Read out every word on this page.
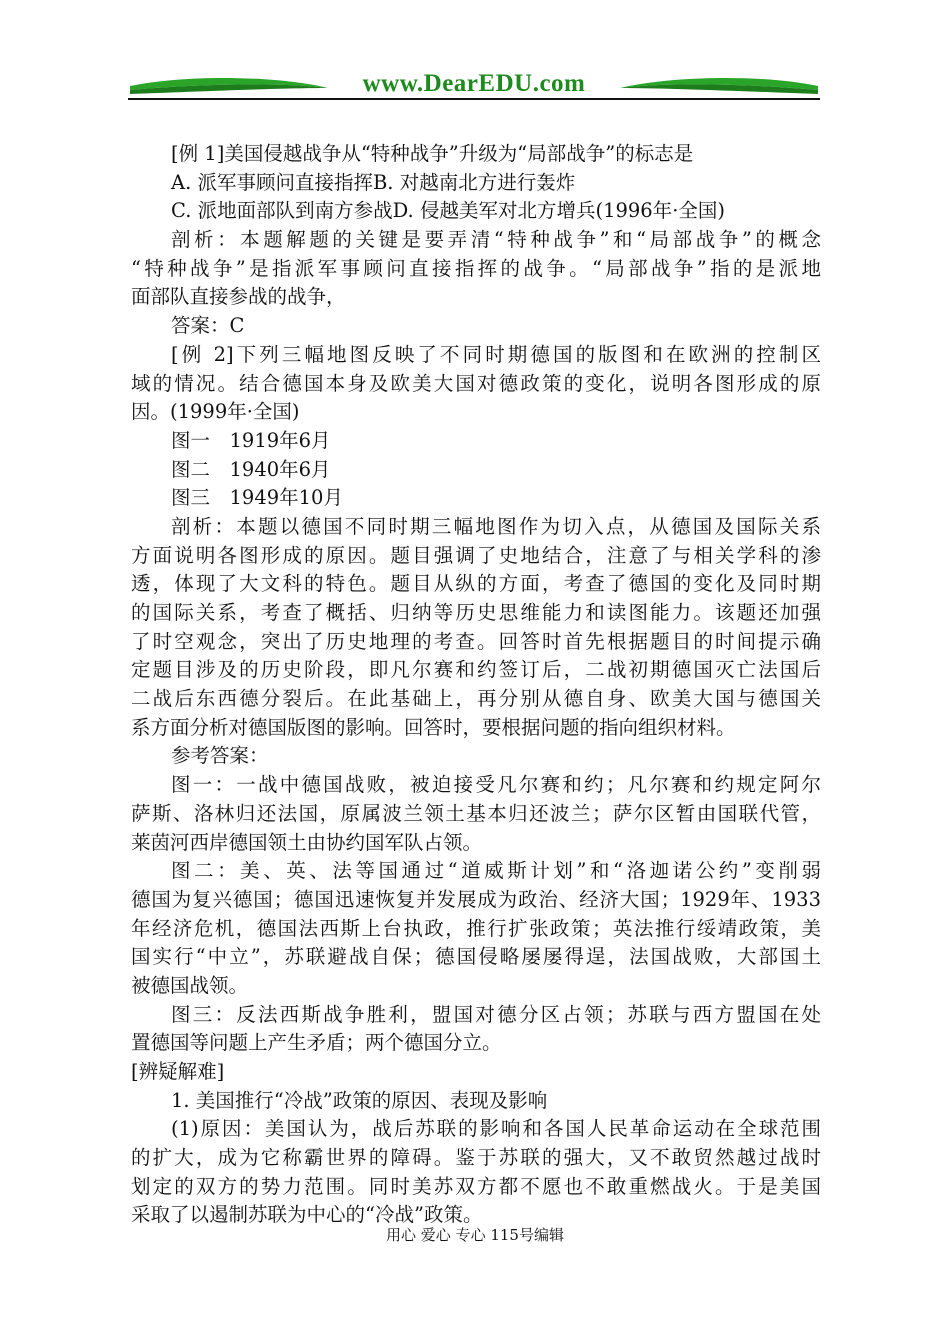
www.DearEDU.com
[例 1]美国侵越战争从“特种战争”升级为“局部战争”的标志是
A. 派军事顾问直接指挥B. 对越南北方进行轰炸
C. 派地面部队到南方参战D. 侵越美军对北方增兵(1996年·全国)
剖析：本题解题的关键是要弄清“特种战争”和“局部战争”的概念
“特种战争”是指派军事顾问直接指挥的战争。“局部战争”指的是派地
面部队直接参战的战争，
答案：C
[例 2]下列三幅地图反映了不同时期德国的版图和在欧洲的控制区
域的情况。结合德国本身及欧美大国对德政策的变化，说明各图形成的原
因。(1999年·全国)
图一　1919年6月
图二　1940年6月
图三　1949年10月
剖析：本题以德国不同时期三幅地图作为切入点，从德国及国际关系
方面说明各图形成的原因。题目强调了史地结合，注意了与相关学科的渗
透，体现了大文科的特色。题目从纵的方面，考查了德国的变化及同时期
的国际关系，考查了概括、归纳等历史思维能力和读图能力。该题还加强
了时空观念，突出了历史地理的考查。回答时首先根据题目的时间提示确
定题目涉及的历史阶段，即凡尔赛和约签订后，二战初期德国灭亡法国后
二战后东西德分裂后。在此基础上，再分别从德自身、欧美大国与德国关
系方面分析对德国版图的影响。回答时，要根据问题的指向组织材料。
参考答案：
图一：一战中德国战败，被迫接受凡尔赛和约；凡尔赛和约规定阿尔
萨斯、洛林归还法国，原属波兰领土基本归还波兰；萨尔区暂由国联代管，
莱茵河西岸德国领土由协约国军队占领。
图二：美、英、法等国通过“道威斯计划”和“洛迦诺公约”变削弱
德国为复兴德国；德国迅速恢复并发展成为政治、经济大国；1929年、1933
年经济危机，德国法西斯上台执政，推行扩张政策；英法推行绥靖政策，美
国实行“中立”，苏联避战自保；德国侵略屡屡得逞，法国战败，大部国土
被德国战领。
图三：反法西斯战争胜利，盟国对德分区占领；苏联与西方盟国在处
置德国等问题上产生矛盾；两个德国分立。
[辨疑解难]
1. 美国推行“冷战”政策的原因、表现及影响
(1)原因：美国认为，战后苏联的影响和各国人民革命运动在全球范围
的扩大，成为它称霸世界的障碍。鉴于苏联的强大，又不敢贸然越过战时
划定的双方的势力范围。同时美苏双方都不愿也不敢重燃战火。于是美国
采取了以遏制苏联为中心的“冷战”政策。
用心 爱心 专心 115号编辑
